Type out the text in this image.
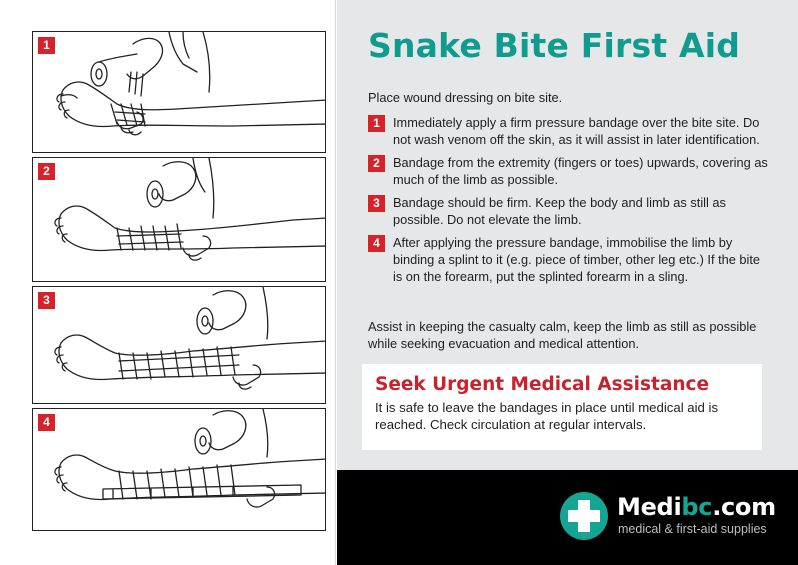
1
2
3
4
Snake Bite First Aid

Place wound dressing on bite site.

1	Immediately apply a firm pressure bandage over the bite site. Do not wash venom off the skin, as it will assist in later identification.
2	Bandage from the extremity (fingers or toes) upwards, covering as much of the limb as possible.
3	Bandage should be firm. Keep the body and limb as still as possible. Do not elevate the limb.
4	After applying the pressure bandage, immobilise the limb by binding a splint to it (e.g. piece of timber, other leg etc.) If the bite is on the forearm, put the splinted forearm in a sling.

Assist in keeping the casualty calm, keep the limb as still as possible while seeking evacuation and medical attention.

Seek Urgent Medical Assistance
It is safe to leave the bandages in place until medical aid is reached. Check circulation at regular intervals.
Medibc.com
medical & first-aid supplies
